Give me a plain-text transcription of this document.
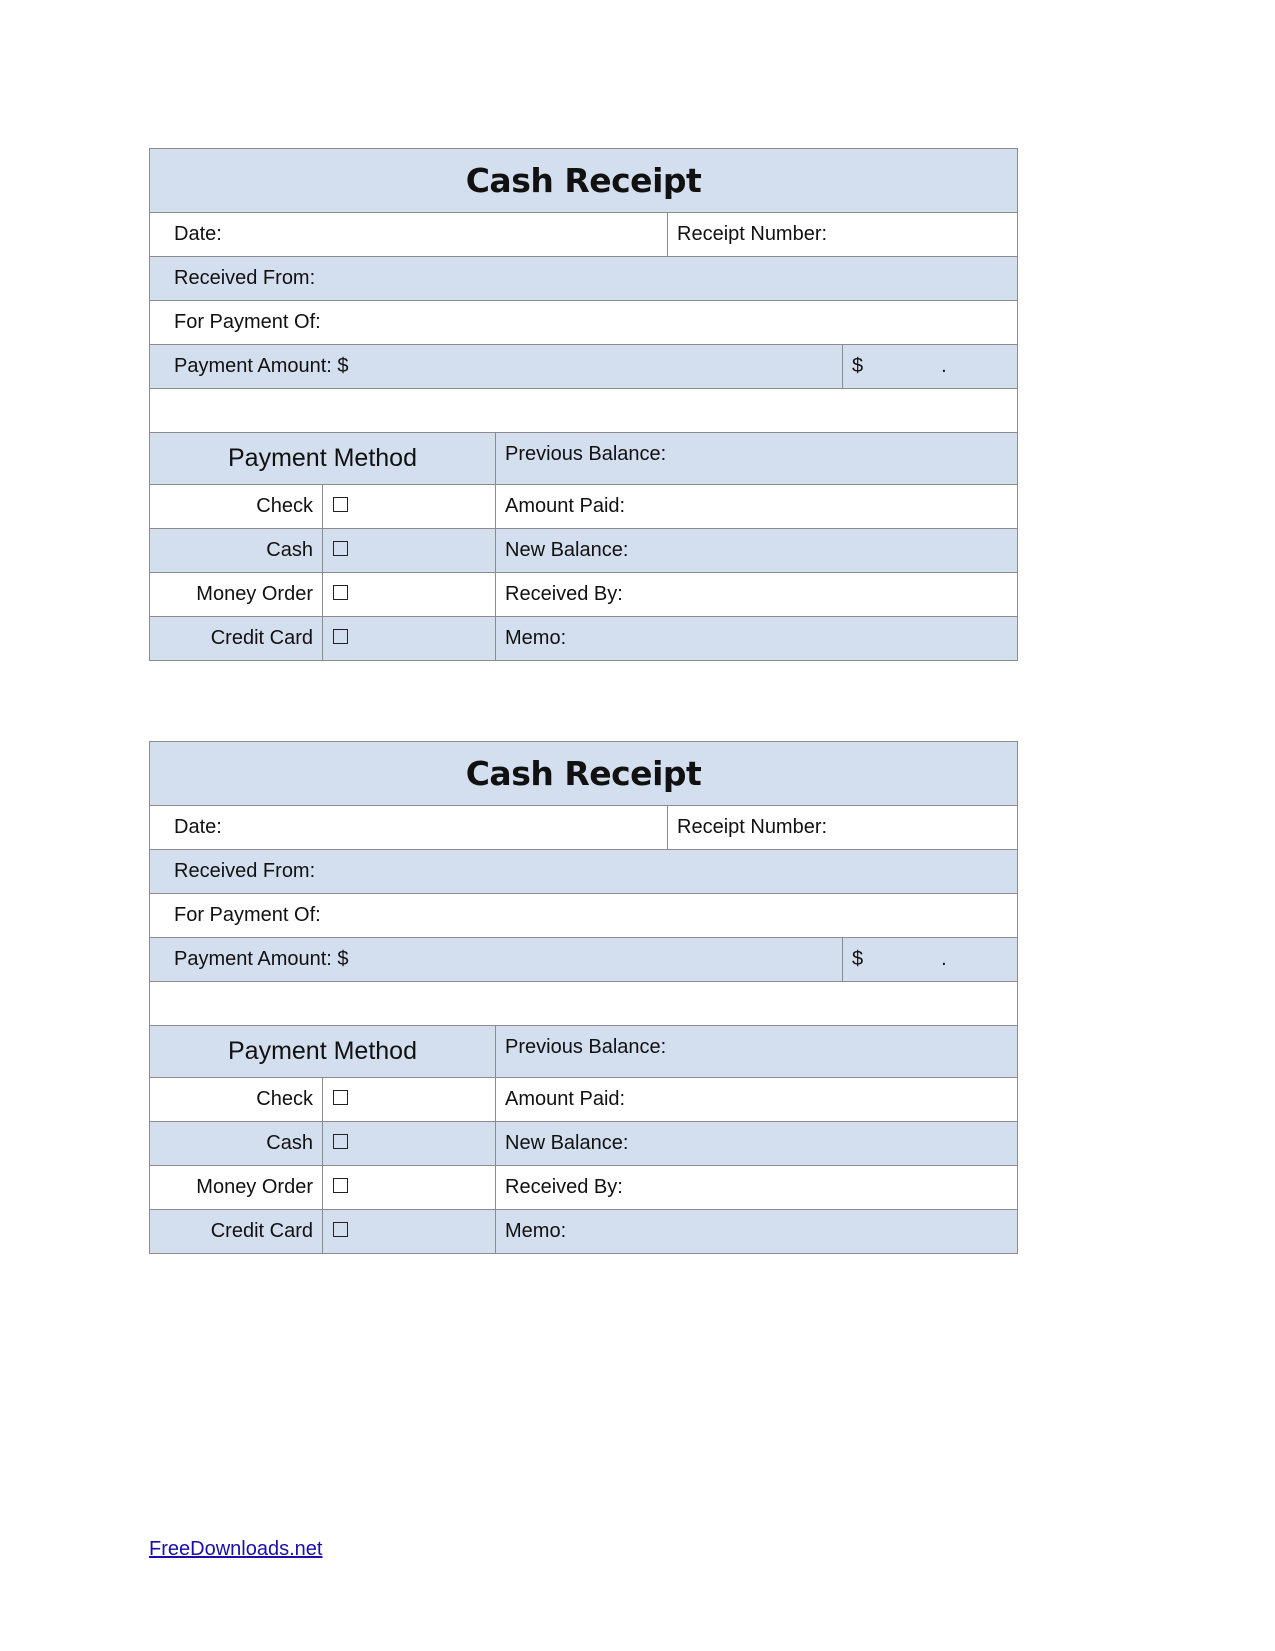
Cash Receipt				
Date:			Receipt Number:	
Received From:				
For Payment Of:				
Payment Amount: $				$ .

Payment Method		Previous Balance:		
Check		Amount Paid:		
Cash		New Balance:		
Money Order		Received By:		
Credit Card		Memo:		
Cash Receipt				
Date:			Receipt Number:	
Received From:				
For Payment Of:				
Payment Amount: $				$ .

Payment Method		Previous Balance:		
Check		Amount Paid:		
Cash		New Balance:		
Money Order		Received By:		
Credit Card		Memo:		
FreeDownloads.net
